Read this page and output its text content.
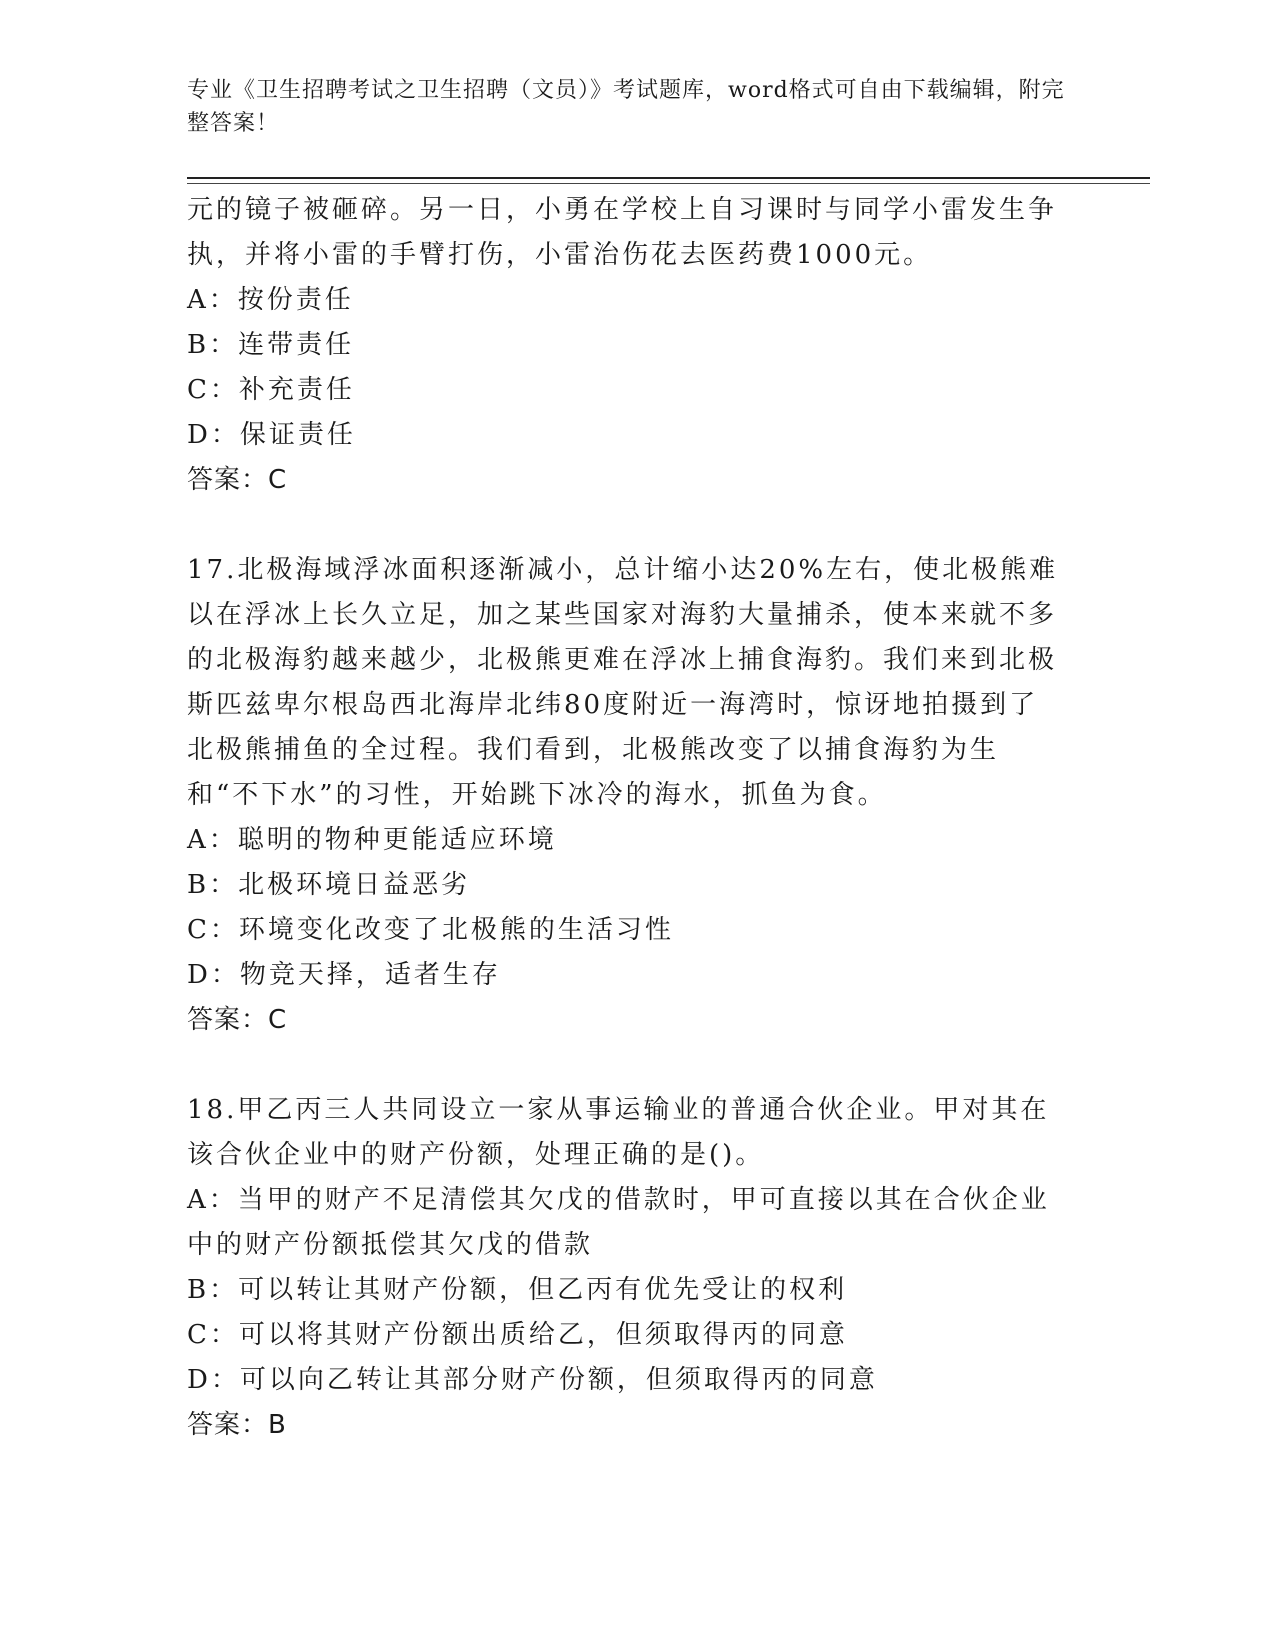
专业《卫生招聘考试之卫生招聘（文员）》考试题库，word格式可自由下载编辑，附完整答案！

元的镜子被砸碎。另一日，小勇在学校上自习课时与同学小雷发生争执，并将小雷的手臂打伤，小雷治伤花去医药费1000元。

A：按份责任

B：连带责任

C：补充责任

D：保证责任

答案：C

17.北极海域浮冰面积逐渐减小，总计缩小达20%左右，使北极熊难以在浮冰上长久立足，加之某些国家对海豹大量捕杀，使本来就不多的北极海豹越来越少，北极熊更难在浮冰上捕食海豹。我们来到北极斯匹兹卑尔根岛西北海岸北纬80度附近一海湾时，惊讶地拍摄到了北极熊捕鱼的全过程。我们看到，北极熊改变了以捕食海豹为生和“不下水”的习性，开始跳下冰冷的海水，抓鱼为食。

A：聪明的物种更能适应环境

B：北极环境日益恶劣

C：环境变化改变了北极熊的生活习性

D：物竞天择，适者生存

答案：C

18.甲乙丙三人共同设立一家从事运输业的普通合伙企业。甲对其在该合伙企业中的财产份额，处理正确的是()。

A：当甲的财产不足清偿其欠戊的借款时，甲可直接以其在合伙企业中的财产份额抵偿其欠戊的借款

B：可以转让其财产份额，但乙丙有优先受让的权利

C：可以将其财产份额出质给乙，但须取得丙的同意

D：可以向乙转让其部分财产份额，但须取得丙的同意

答案：B
